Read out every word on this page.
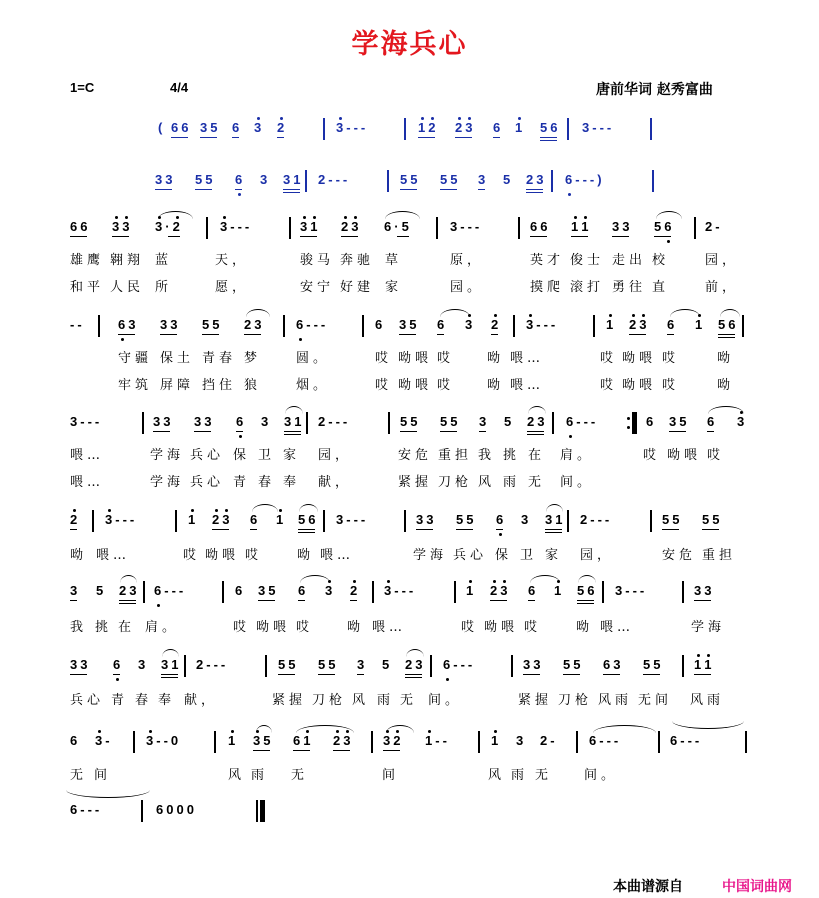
学海兵心
1=C	4/4	唐前华词 赵秀富曲
( 66 35 6 3 2	3---	12 23 6 1 56 3---
33 55 6 3 31 2---	55 55 3 5 23 6---)
66 33 3·2	3---	31 23 6·5	3---	66 11 33 56 2-
--	63 33 55 23 6---	6 35 6 3 2 3---	1 23 6 1 56
3---	33 33 6 3 31 2---	55 55 3 5 23 6---	6 35 6 3
2 3---	1 23 6 1 56 3---	33 55 6 3 31 2---	55 55
3 5 23 6---	6 35 6 3 2 3---	1 23 6 1 56 3---	33
33 6 3 31 2---	55 55 3 5 23 6---	33 55 63 55 11
6 3-	3--0	1 35 61 23 32 1--	1 3 2- 6---	6---
6---	6000
雄鹰 翱翔 蓝	天，	骏马 奔驰 草	原，	英才 俊士 走出 校	园，
和平 人民 所	愿，	安宁 好建 家	园。	摸爬 滚打 勇往 直	前，
守疆 保土 青春 梦	圆。	哎 呦喂 哎	呦 喂…	哎 呦喂 哎	呦
牢筑 屏障 挡住 狼	烟。	哎 呦喂 哎	呦 喂…	哎 呦喂 哎	呦
喂…	学海 兵心 保 卫 家 园，	安危 重担 我 挑 在 肩。	哎 呦喂 哎
喂…	学海 兵心 青 春 奉 献，	紧握 刀枪 风 雨 无 间。
呦 喂…	哎 呦喂 哎	呦 喂…	学海 兵心 保 卫 家 园，	安危 重担
我 挑 在 肩。	哎 呦喂 哎	呦 喂…	哎 呦喂 哎	呦 喂…	学海
兵心 青 春 奉 献，	紧握 刀枪 风 雨 无 间。	紧握 刀枪 风雨 无间 风雨
无 间	风 雨 无	间	风 雨 无 间。
本曲谱源自	中国词曲网
